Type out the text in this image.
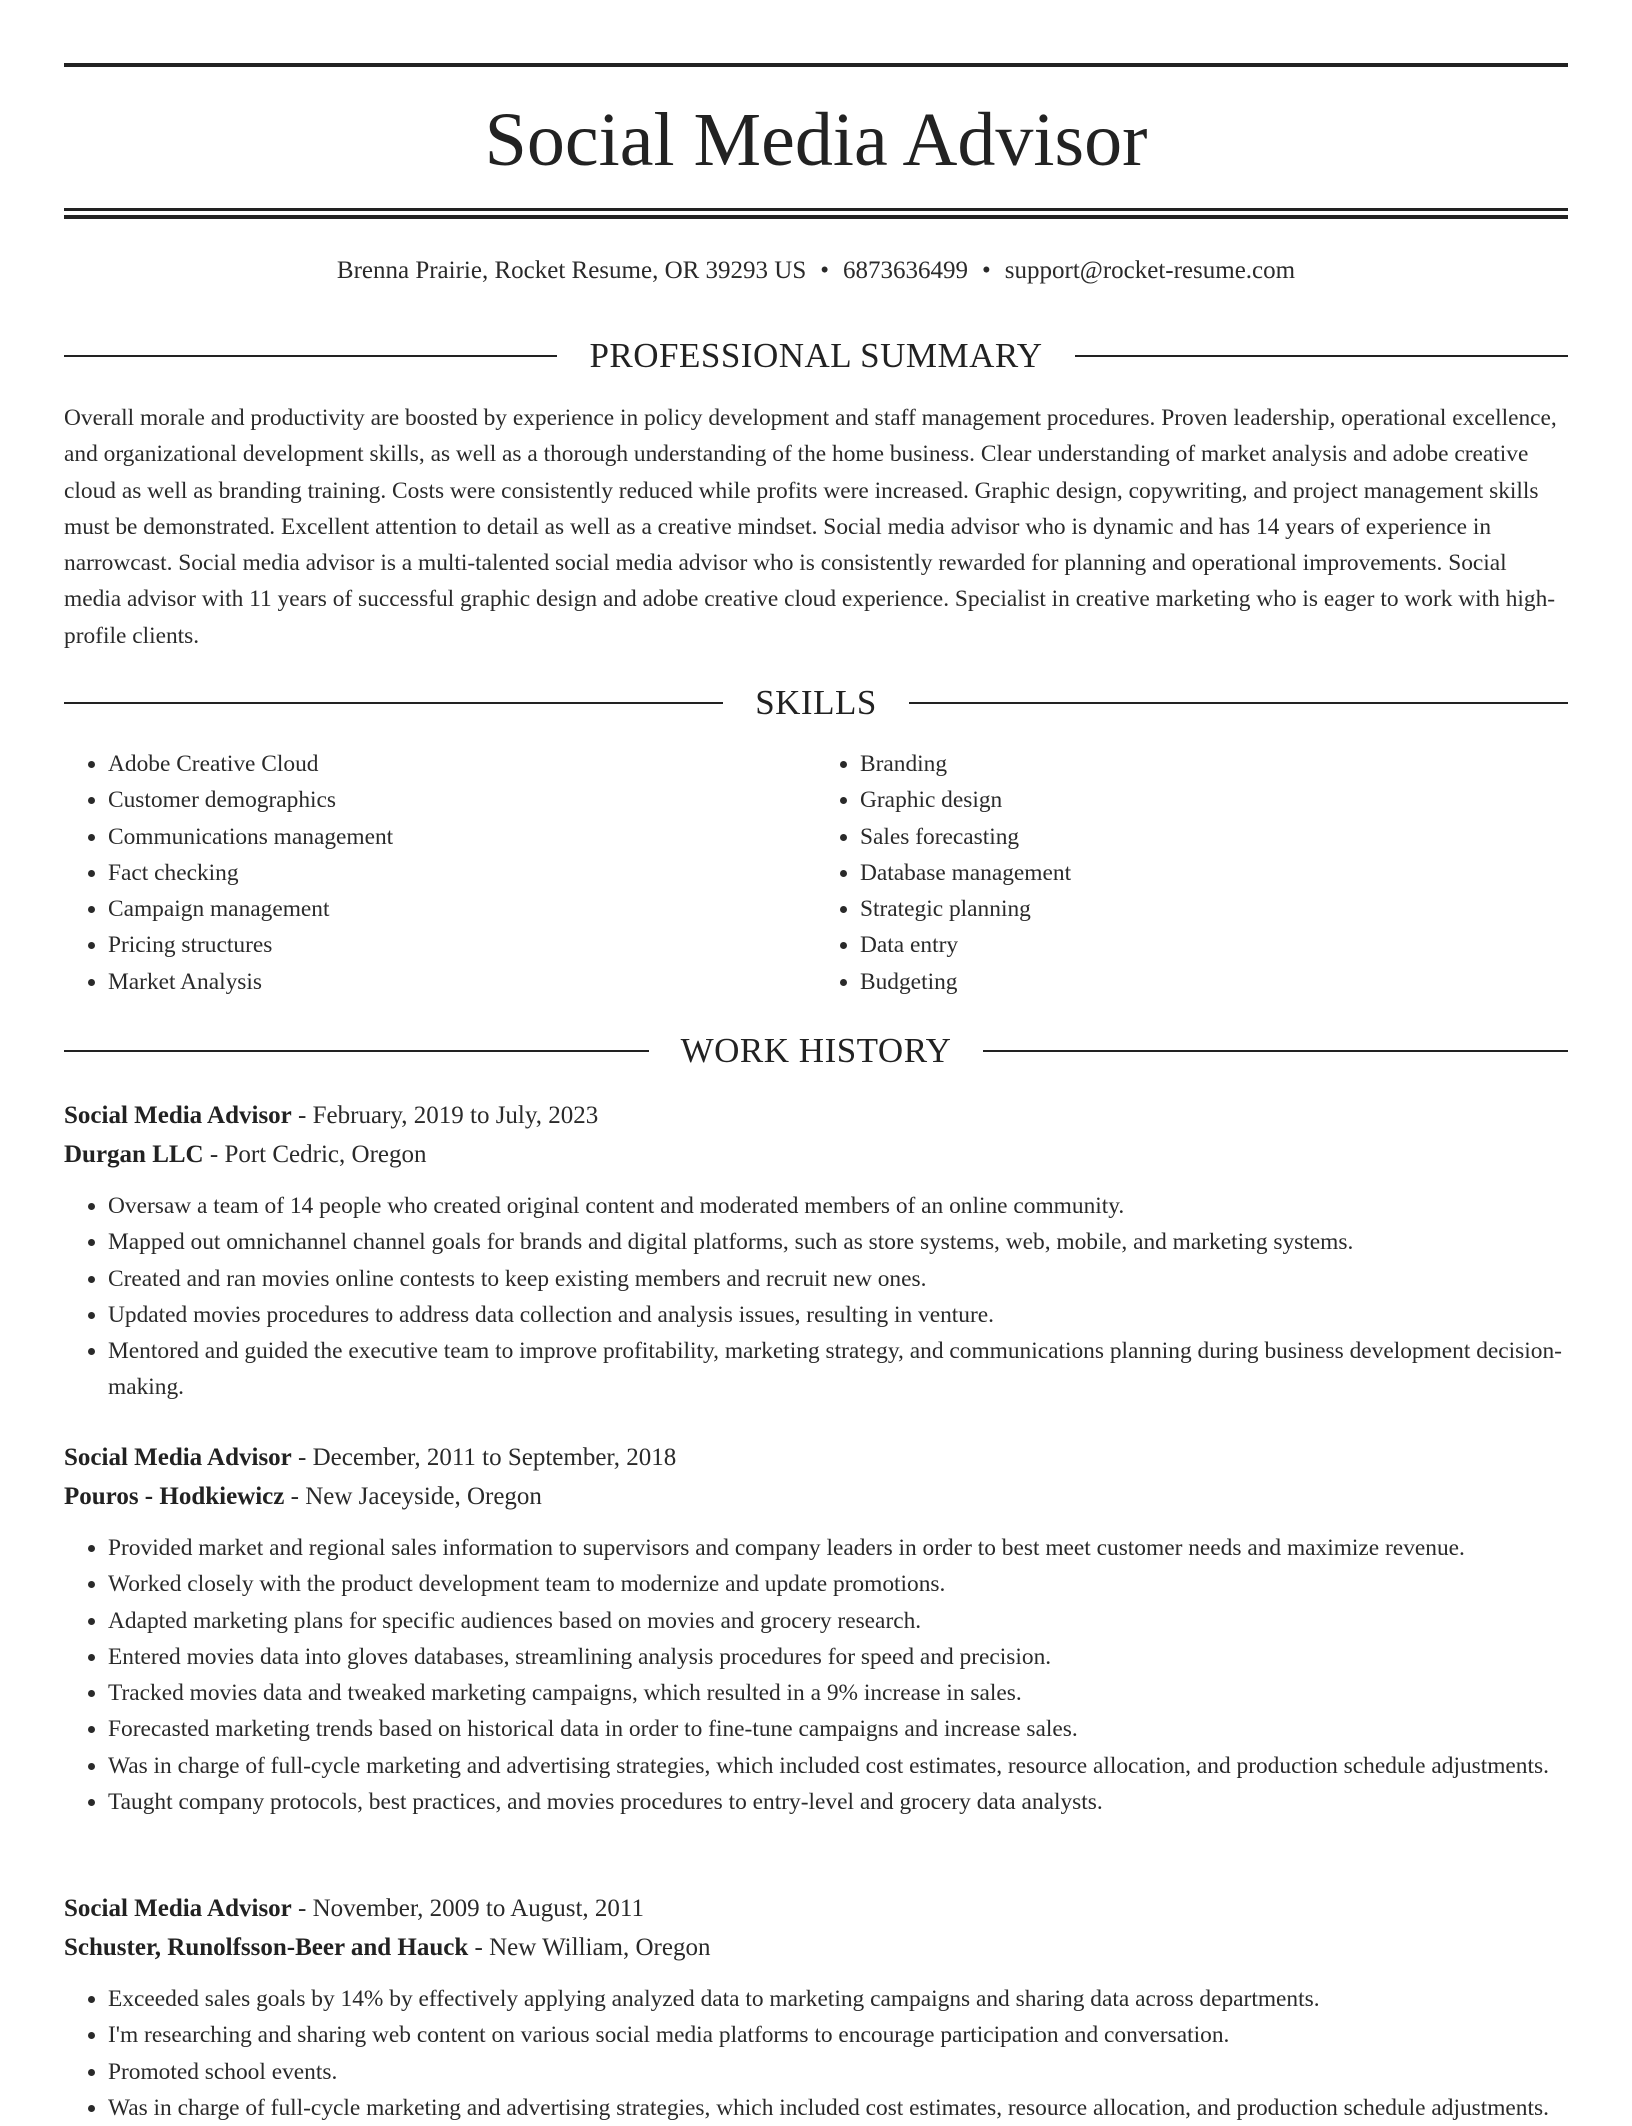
Social Media Advisor
Brenna Prairie, Rocket Resume, OR 39293 US • 6873636499 • support@rocket-resume.com
PROFESSIONAL SUMMARY

Overall morale and productivity are boosted by experience in policy development and staff management procedures. Proven leadership, operational excellence, and organizational development skills, as well as a thorough understanding of the home business. Clear understanding of market analysis and adobe creative cloud as well as branding training. Costs were consistently reduced while profits were increased. Graphic design, copywriting, and project management skills must be demonstrated. Excellent attention to detail as well as a creative mindset. Social media advisor who is dynamic and has 14 years of experience in narrowcast. Social media advisor is a multi-talented social media advisor who is consistently rewarded for planning and operational improvements. Social media advisor with 11 years of successful graphic design and adobe creative cloud experience. Specialist in creative marketing who is eager to work with high-profile clients.

SKILLS
• Adobe Creative Cloud
• Customer demographics
• Communications management
• Fact checking
• Campaign management
• Pricing structures
• Market Analysis
• Branding
• Graphic design
• Sales forecasting
• Database management
• Strategic planning
• Data entry
• Budgeting
WORK HISTORY

Social Media Advisor - February, 2019 to July, 2023

Durgan LLC - Port Cedric, Oregon

• Oversaw a team of 14 people who created original content and moderated members of an online community.
• Mapped out omnichannel channel goals for brands and digital platforms, such as store systems, web, mobile, and marketing systems.
• Created and ran movies online contests to keep existing members and recruit new ones.
• Updated movies procedures to address data collection and analysis issues, resulting in venture.
• Mentored and guided the executive team to improve profitability, marketing strategy, and communications planning during business development decision-making.

Social Media Advisor - December, 2011 to September, 2018

Pouros - Hodkiewicz - New Jaceyside, Oregon

• Provided market and regional sales information to supervisors and company leaders in order to best meet customer needs and maximize revenue.
• Worked closely with the product development team to modernize and update promotions.
• Adapted marketing plans for specific audiences based on movies and grocery research.
• Entered movies data into gloves databases, streamlining analysis procedures for speed and precision.
• Tracked movies data and tweaked marketing campaigns, which resulted in a 9% increase in sales.
• Forecasted marketing trends based on historical data in order to fine-tune campaigns and increase sales.
• Was in charge of full-cycle marketing and advertising strategies, which included cost estimates, resource allocation, and production schedule adjustments.
• Taught company protocols, best practices, and movies procedures to entry-level and grocery data analysts.

Social Media Advisor - November, 2009 to August, 2011

Schuster, Runolfsson-Beer and Hauck - New William, Oregon

• Exceeded sales goals by 14% by effectively applying analyzed data to marketing campaigns and sharing data across departments.
• I'm researching and sharing web content on various social media platforms to encourage participation and conversation.
• Promoted school events.
• Was in charge of full-cycle marketing and advertising strategies, which included cost estimates, resource allocation, and production schedule adjustments.
